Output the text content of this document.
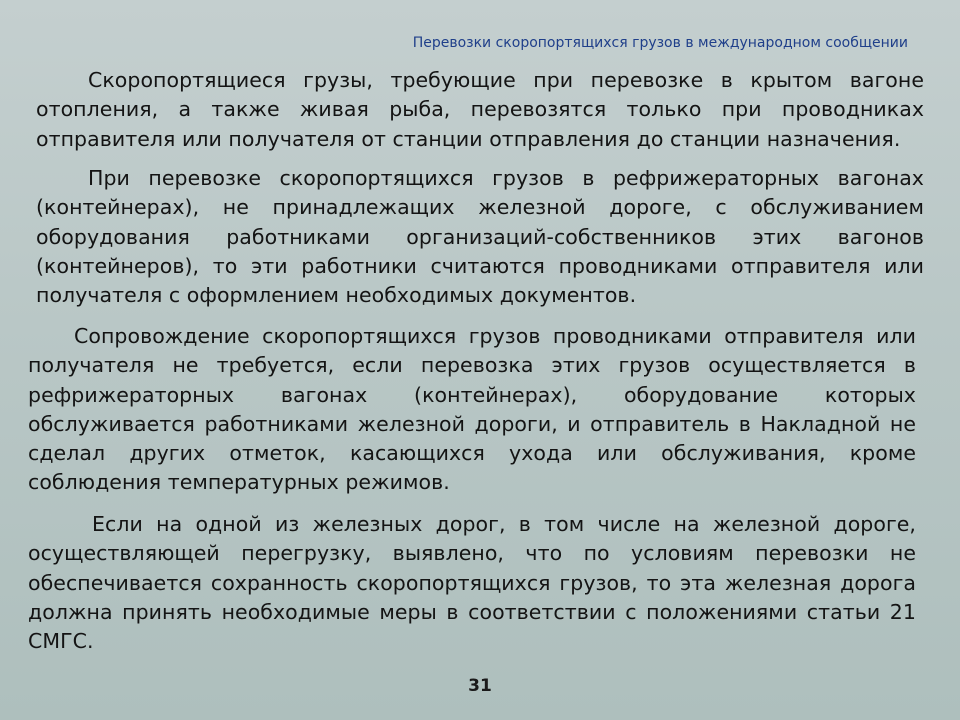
Перевозки скоропортящихся грузов в международном сообщении

Скоропортящиеся грузы, требующие при перевозке в крытом вагоне отопления, а также живая рыба, перевозятся только при проводниках отправителя или получателя от станции отправления до станции назначения.

При перевозке скоропортящихся грузов в рефрижераторных вагонах (контейнерах), не принадлежащих железной дороге, с обслуживанием оборудования работниками организаций-собственников этих вагонов (контейнеров), то эти работники считаются проводниками отправителя или получателя с оформлением необходимых документов.

Сопровождение скоропортящихся грузов проводниками отправителя или получателя не требуется, если перевозка этих грузов осуществляется в рефрижераторных вагонах (контейнерах), оборудование которых обслуживается работниками железной дороги, и отправитель в Накладной не сделал других отметок, касающихся ухода или обслуживания, кроме соблюдения температурных режимов.

Если на одной из железных дорог, в том числе на железной дороге, осуществляющей перегрузку, выявлено, что по условиям перевозки не обеспечивается сохранность скоропортящихся грузов, то эта железная дорога должна принять необходимые меры в соответствии с положениями статьи 21 СМГС.

31
